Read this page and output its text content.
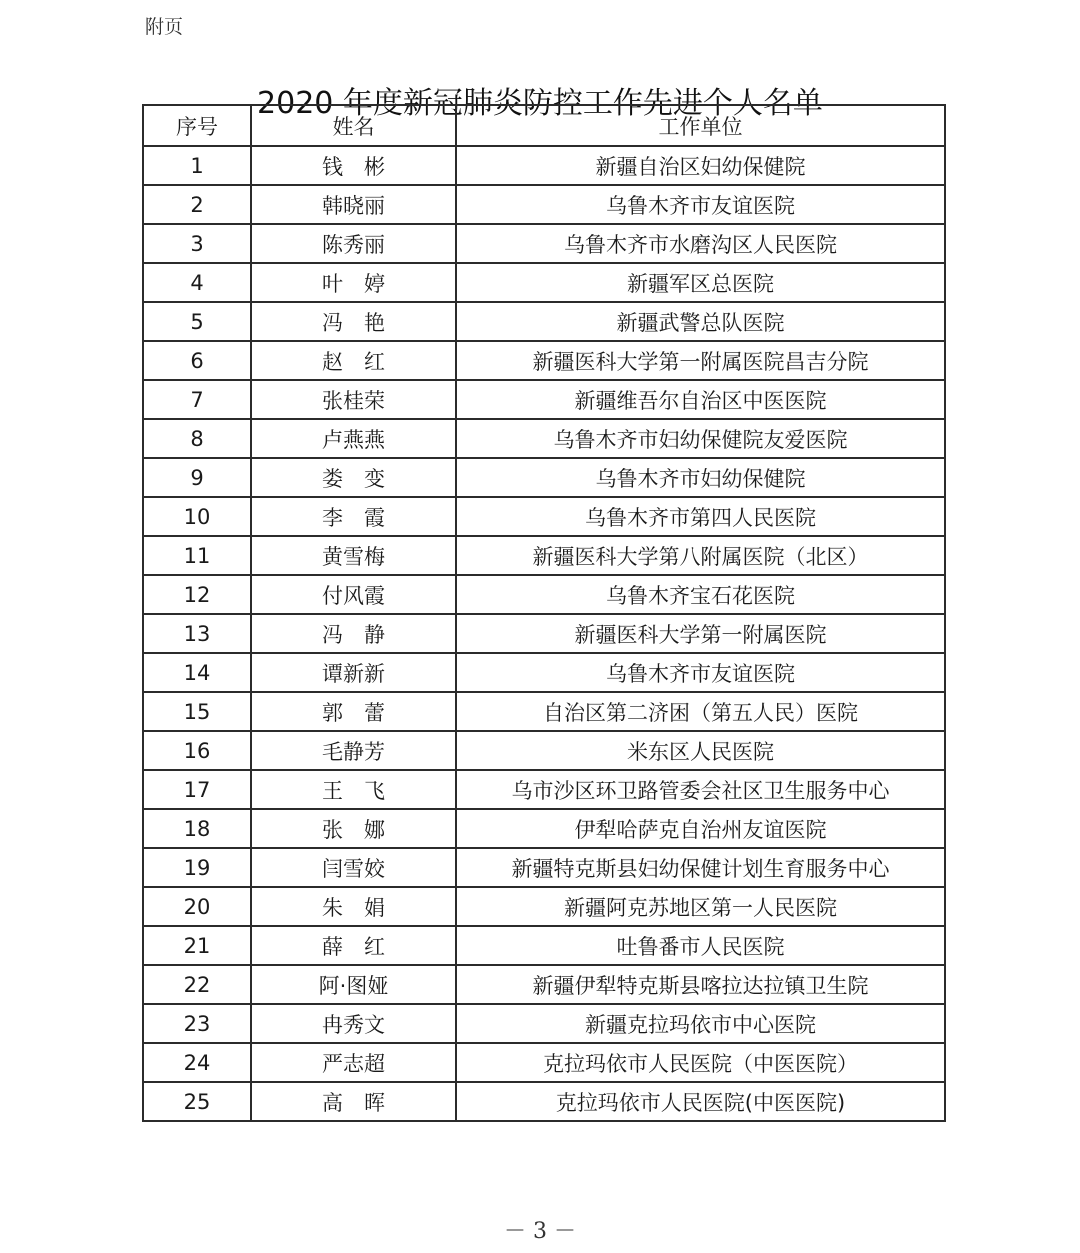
附页
2020 年度新冠肺炎防控工作先进个人名单
序号	姓名	工作单位
1	钱　彬	新疆自治区妇幼保健院
2	韩晓丽	乌鲁木齐市友谊医院
3	陈秀丽	乌鲁木齐市水磨沟区人民医院
4	叶　婷	新疆军区总医院
5	冯　艳	新疆武警总队医院
6	赵　红	新疆医科大学第一附属医院昌吉分院
7	张桂荣	新疆维吾尔自治区中医医院
8	卢燕燕	乌鲁木齐市妇幼保健院友爱医院
9	娄　变	乌鲁木齐市妇幼保健院
10	李　霞	乌鲁木齐市第四人民医院
11	黄雪梅	新疆医科大学第八附属医院（北区）
12	付风霞	乌鲁木齐宝石花医院
13	冯　静	新疆医科大学第一附属医院
14	谭新新	乌鲁木齐市友谊医院
15	郭　蕾	自治区第二济困（第五人民）医院
16	毛静芳	米东区人民医院
17	王　飞	乌市沙区环卫路管委会社区卫生服务中心
18	张　娜	伊犁哈萨克自治州友谊医院
19	闫雪姣	新疆特克斯县妇幼保健计划生育服务中心
20	朱　娟	新疆阿克苏地区第一人民医院
21	薛　红	吐鲁番市人民医院
22	阿·图娅	新疆伊犁特克斯县喀拉达拉镇卫生院
23	冉秀文	新疆克拉玛依市中心医院
24	严志超	克拉玛依市人民医院（中医医院）
25	高　晖	克拉玛依市人民医院(中医医院)
－ 3 －
